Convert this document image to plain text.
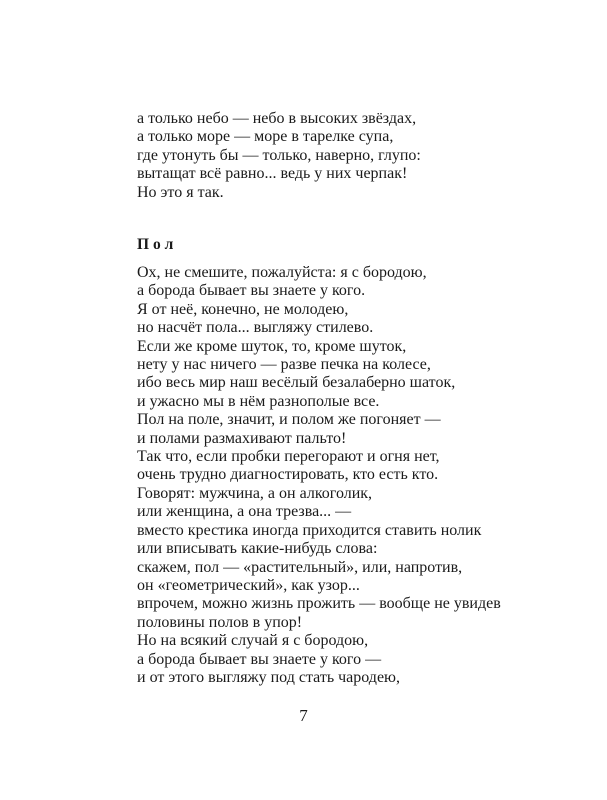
а только небо — небо в высоких звёздах,
а только море — море в тарелке супа,
где утонуть бы — только, наверно, глупо:
вытащат всё равно... ведь у них черпак!
Но это я так.
Пол
Ох, не смешите, пожалуйста: я с бородою,
а борода бывает вы знаете у кого.
Я от неё, конечно, не молодею,
но насчёт пола... выгляжу стилево.
Если же кроме шуток, то, кроме шуток,
нету у нас ничего — разве печка на колесе,
ибо весь мир наш весёлый безалаберно шаток,
и ужасно мы в нём разнополые все.
Пол на поле, значит, и полом же погоняет —
и полами размахивают пальто!
Так что, если пробки перегорают и огня нет,
очень трудно диагностировать, кто есть кто.
Говорят: мужчина, а он алкоголик,
или женщина, а она трезва... —
вместо крестика иногда приходится ставить нолик
или вписывать какие-нибудь слова:
скажем, пол — «растительный», или, напротив,
он «геометрический», как узор...
впрочем, можно жизнь прожить — вообще не увидев
половины полов в упор!
Но на всякий случай я с бородою,
а борода бывает вы знаете у кого —
и от этого выгляжу под стать чародею,
7
